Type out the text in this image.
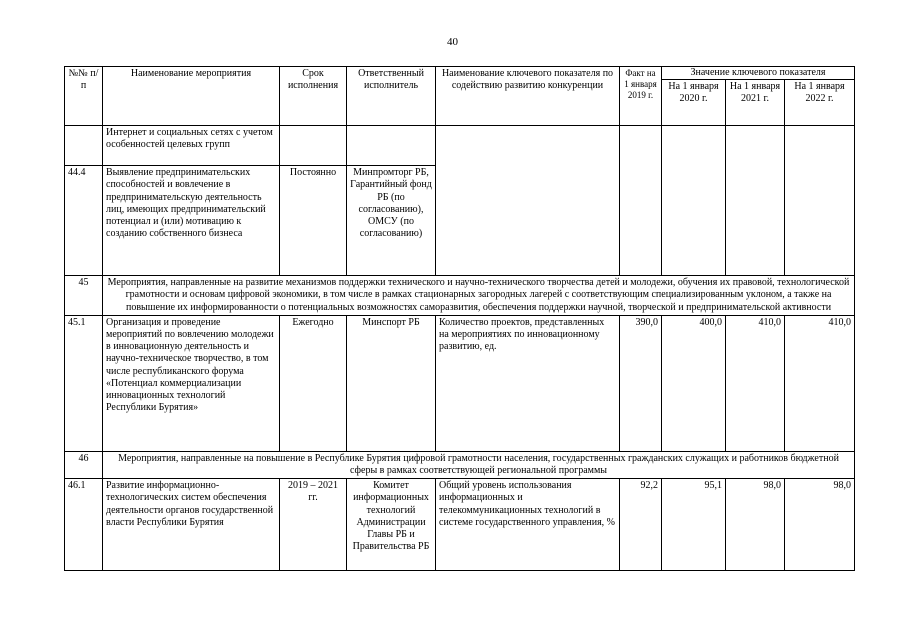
40
№№ п/п	Наименование мероприятия	Срок исполнения	Ответственный исполнитель	Наименование ключевого показателя по содействию развитию конкуренции	Факт на 1 января 2019 г.	Значение ключевого показателя		
						На 1 января 2020 г.	На 1 января 2021 г.	На 1 января 2022 г.
	Интернет и социальных сетях с учетом особенностей целевых групп							
44.4	Выявление предпринимательских способностей и вовлечение в предпринимательскую деятельность лиц, имеющих предпринимательский потенциал и (или) мотивацию к созданию собственного бизнеса	Постоянно	Минпромторг РБ, Гарантийный фонд РБ (по согласованию), ОМСУ (по согласованию)					
45	Мероприятия, направленные на развитие механизмов поддержки технического и научно-технического творчества детей и молодежи, обучения их правовой, технологической грамотности и основам цифровой экономики, в том числе в рамках стационарных загородных лагерей с соответствующим специализированным уклоном, а также на повышение их информированности о потенциальных возможностях саморазвития, обеспечения поддержки научной, творческой и предпринимательской активности							
45.1	Организация и проведение мероприятий по вовлечению молодежи в инновационную деятельность и научно-техническое творчество, в том числе республиканского форума «Потенциал коммерциализации инновационных технологий Республики Бурятия»	Ежегодно	Минспорт РБ	Количество проектов, представленных на мероприятиях по инновационному развитию, ед.	390,0	400,0	410,0	410,0
46	Мероприятия, направленные на повышение в Республике Бурятия цифровой грамотности населения, государственных гражданских служащих и работников бюджетной сферы в рамках соответствующей региональной программы							
46.1	Развитие информационно-технологических систем обеспечения деятельности органов государственной власти Республики Бурятия	2019 – 2021 гг.	Комитет информационных технологий Администрации Главы РБ и Правительства РБ	Общий уровень использования информационных и телекоммуникационных технологий в системе государственного управления, %	92,2	95,1	98,0	98,0
